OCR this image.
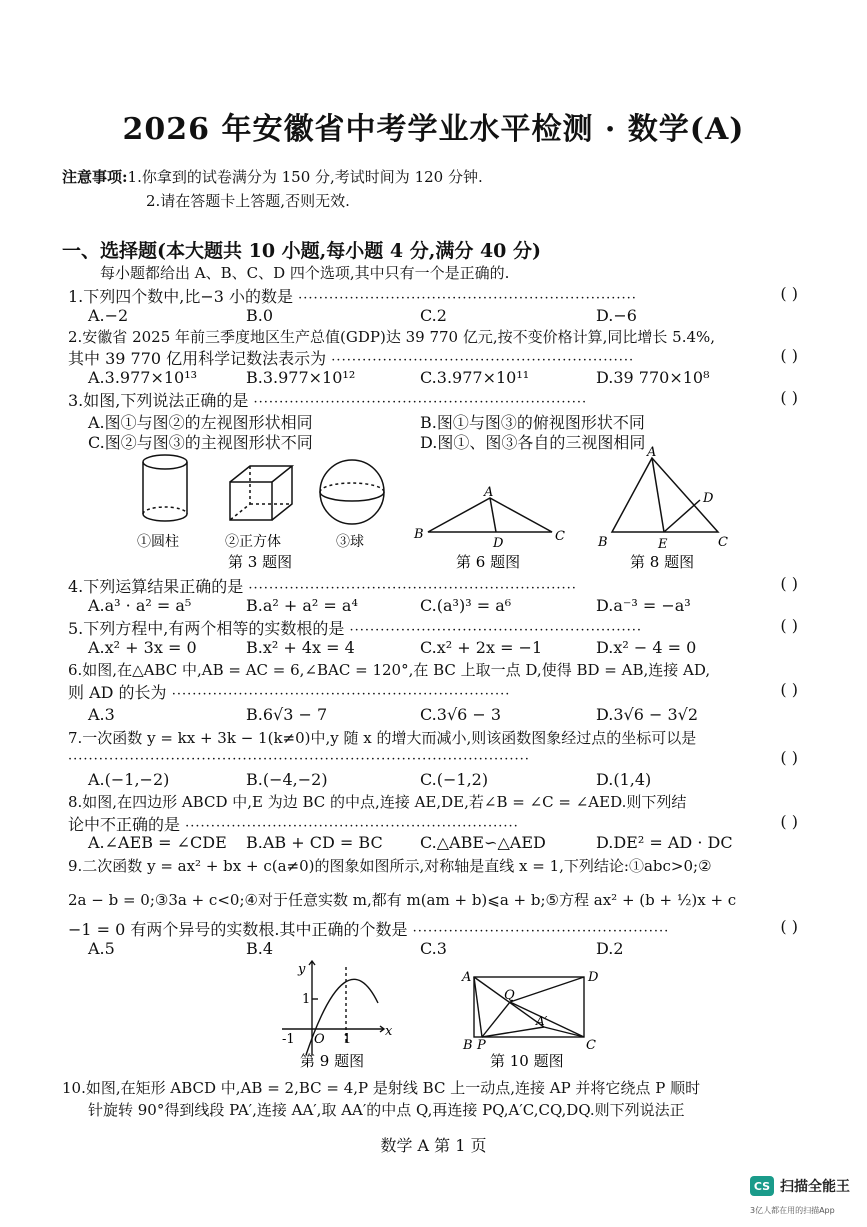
2026 年安徽省中考学业水平检测 · 数学(A)
注意事项:1.你拿到的试卷满分为 150 分,考试时间为 120 分钟.
2.请在答题卡上答题,否则无效.
一、选择题(本大题共 10 小题,每小题 4 分,满分 40 分)
每小题都给出 A、B、C、D 四个选项,其中只有一个是正确的.
1.下列四个数中,比−3 小的数是 ··································································	( )
A.−2	B.0	C.2	D.−6
2.安徽省 2025 年前三季度地区生产总值(GDP)达 39 770 亿元,按不变价格计算,同比增长 5.4%,
其中 39 770 亿用科学记数法表示为 ···························································	( )
A.3.977×10¹³	B.3.977×10¹²	C.3.977×10¹¹	D.39 770×10⁸
3.如图,下列说法正确的是 ·································································	( )
A.图①与图②的左视图形状相同	B.图①与图③的俯视图形状不同
C.图②与图③的主视图形状不同	D.图①、图③各自的三视图相同
①圆柱	②正方体	③球
第 3 题图
A
B	C
D
第 6 题图
A
B	C
D
E
第 8 题图
4.下列运算结果正确的是 ································································	( )
A.a³ · a² = a⁵	B.a² + a² = a⁴	C.(a³)³ = a⁶	D.a⁻³ = −a³
5.下列方程中,有两个相等的实数根的是 ·························································	( )
A.x² + 3x = 0	B.x² + 4x = 4	C.x² + 2x = −1	D.x² − 4 = 0
6.如图,在△ABC 中,AB = AC = 6,∠BAC = 120°,在 BC 上取一点 D,使得 BD = AB,连接 AD,
则 AD 的长为 ··································································	( )
A.3	B.6√3 − 7	C.3√6 − 3	D.3√6 − 3√2
7.一次函数 y = kx + 3k − 1(k≠0)中,y 随 x 的增大而减小,则该函数图象经过点的坐标可以是
··························································································	( )
A.(−1,−2)	B.(−4,−2)	C.(−1,2)	D.(1,4)
8.如图,在四边形 ABCD 中,E 为边 BC 的中点,连接 AE,DE,若∠B = ∠C = ∠AED.则下列结
论中不正确的是 ·································································	( )
A.∠AEB = ∠CDE B.AB + CD = BC C.△ABE∽△AED	D.DE² = AD · DC
9.二次函数 y = ax² + bx + c(a≠0)的图象如图所示,对称轴是直线 x = 1,下列结论:①abc>0;②
2a − b = 0;③3a + c<0;④对于任意实数 m,都有 m(am + b)⩽a + b;⑤方程 ax² + (b + ½)x + c
−1 = 0 有两个异号的实数根.其中正确的个数是 ··················································	( )
A.5	B.4	C.3	D.2
y
x
1
-1 O 1
第 9 题图
A	D
B P	C
Q
A′
第 10 题图
10.如图,在矩形 ABCD 中,AB = 2,BC = 4,P 是射线 BC 上一动点,连接 AP 并将它绕点 P 顺时
针旋转 90°得到线段 PA′,连接 AA′,取 AA′的中点 Q,再连接 PQ,A′C,CQ,DQ.则下列说法正
数学 A 第 1 页
CS 扫描全能王
3亿人都在用的扫描App
